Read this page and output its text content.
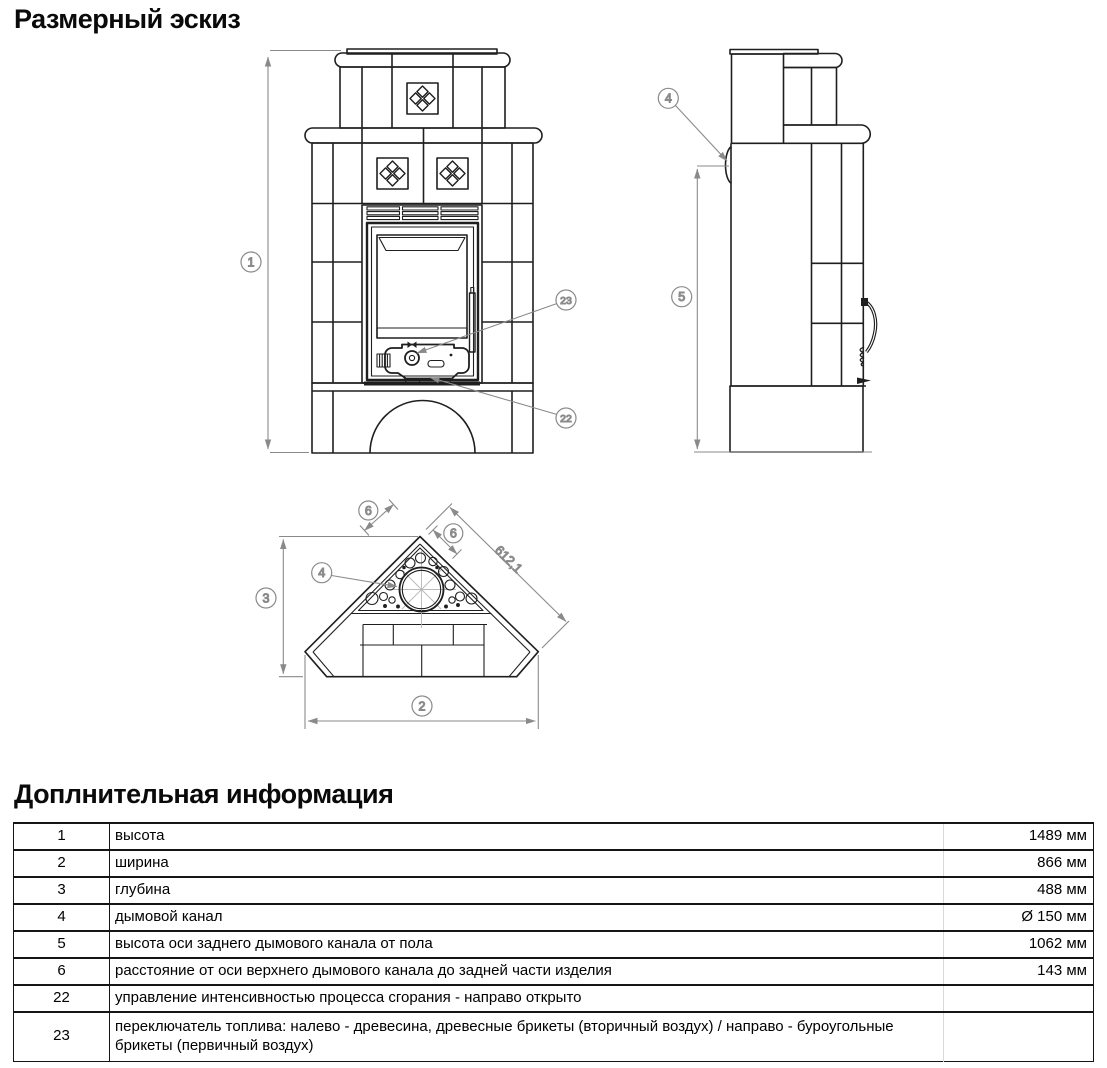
Размерный эскиз
1
23
22
4
5
3
2
6
6
4	612,1
Доплнительная информация
1	высота	1489 мм
2	ширина	866 мм
3	глубина	488 мм
4	дымовой канал	Ø 150 мм
5	высота оси заднего дымового канала от пола	1062 мм
6	расстояние от оси верхнего дымового канала до задней части изделия	143 мм
22	управление интенсивностью процесса сгорания - направо открыто	
23	переключатель топлива: налево - древесина, древесные брикеты (вторичный воздух) / направо - буроугольные брикеты (первичный воздух)	
